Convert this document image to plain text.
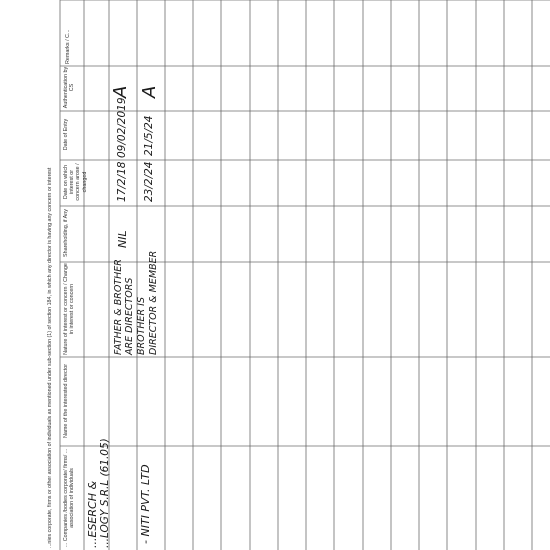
...nies corporate, firms or other association of individuals as mentioned under sub-section (1) of section 184, in which any director is having any concern or interest ... Companies /bodies corporate/ firms/ ... association of individuals
Name of the interested director
Nature of interest or concern / Change in interest or concern
Shareholding, if Any
Date on which interest or concern arose / changed
Date of Entry
Authentication by CS
Remarks / C...
...ESERCH & ...LOGY S.R.L (61.05)
FATHER & BROTHER ARE DIRECTORS
NIL
17/2/18
09/02/2019
A
- NITI PVT. LTD
BROTHER IS DIRECTOR & MEMBER
23/2/24
21/5/24
A
